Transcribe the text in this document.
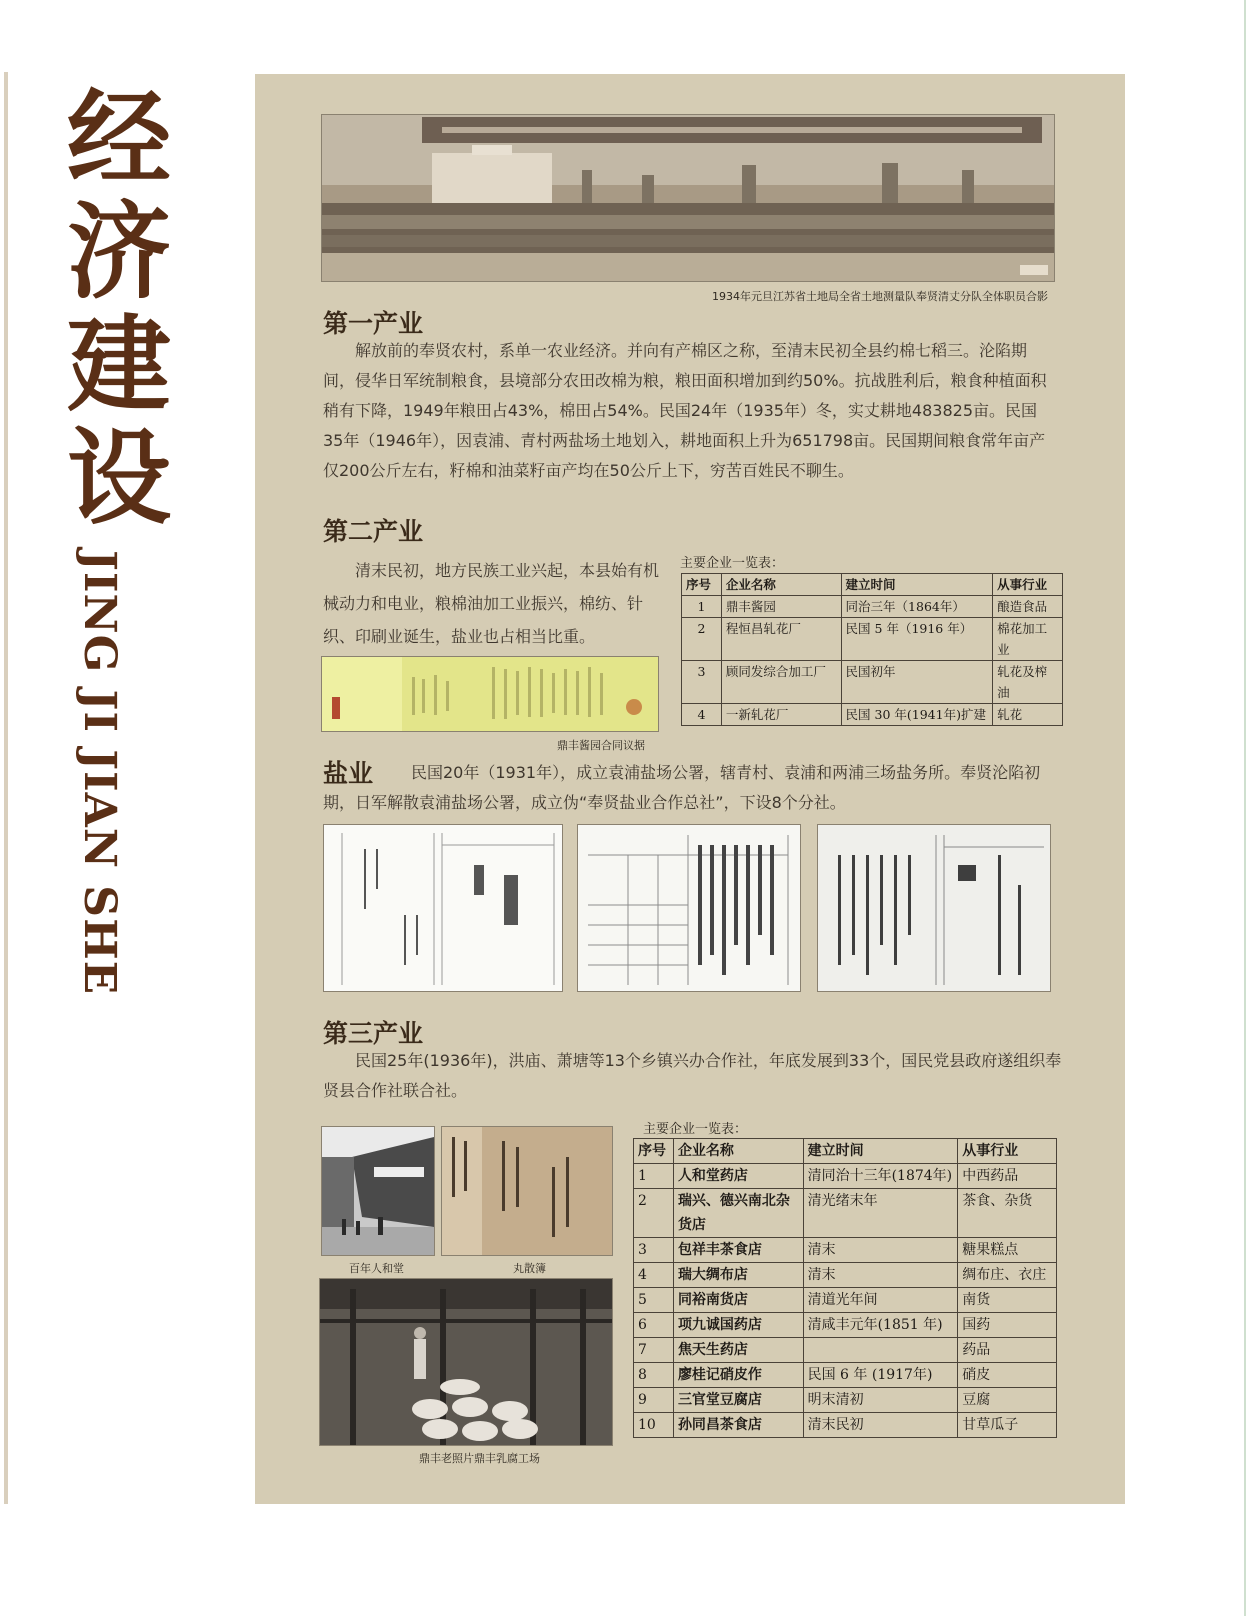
经
济
建
设
JING JI JIAN SHE
1934年元旦江苏省土地局全省土地测量队奉贤清丈分队全体职员合影
第一产业

解放前的奉贤农村，系单一农业经济。并向有产棉区之称，至清末民初全县约棉七稻三。沦陷期间，侵华日军统制粮食，县境部分农田改棉为粮，粮田面积增加到约50%。抗战胜利后，粮食种植面积稍有下降，1949年粮田占43%，棉田占54%。民国24年（1935年）冬，实丈耕地483825亩。民国35年（1946年），因袁浦、青村两盐场土地划入，耕地面积上升为651798亩。民国期间粮食常年亩产仅200公斤左右，籽棉和油菜籽亩产均在50公斤上下，穷苦百姓民不聊生。

第二产业

清末民初，地方民族工业兴起，本县始有机械动力和电业，粮棉油加工业振兴，棉纺、针织、印刷业诞生，盐业也占相当比重。

鼎丰酱园合同议据
主要企业一览表：
序号	企业名称	建立时间	从事行业
1	鼎丰酱园	同治三年（1864年）	酿造食品
2	程恒昌轧花厂	民国 5 年（1916 年）	棉花加工业
3	顾同发综合加工厂	民国初年	轧花及榨油
4	一新轧花厂	民国 30 年(1941年)扩建	轧花
盐业	民国20年（1931年），成立袁浦盐场公署，辖青村、袁浦和两浦三场盐务所。奉贤沦陷初期，日军解散袁浦盐场公署，成立伪“奉贤盐业合作总社”，下设8个分社。

第三产业

民国25年(1936年)，洪庙、萧塘等13个乡镇兴办合作社，年底发展到33个，国民党县政府遂组织奉贤县合作社联合社。

百年人和堂	丸散簿
鼎丰老照片鼎丰乳腐工场
主要企业一览表：
序号	企业名称	建立时间	从事行业
1	人和堂药店	清同治十三年(1874年)	中西药品
2	瑞兴、德兴南北杂货店	清光绪末年	茶食、杂货
3	包祥丰茶食店	清末	糖果糕点
4	瑞大绸布店	清末	绸布庄、衣庄
5	同裕南货店	清道光年间	南货
6	项九诚国药店	清咸丰元年(1851 年)	国药
7	焦天生药店		药品
8	廖桂记硝皮作	民国 6 年 (1917年)	硝皮
9	三官堂豆腐店	明末清初	豆腐
10	孙同昌茶食店	清末民初	甘草瓜子
